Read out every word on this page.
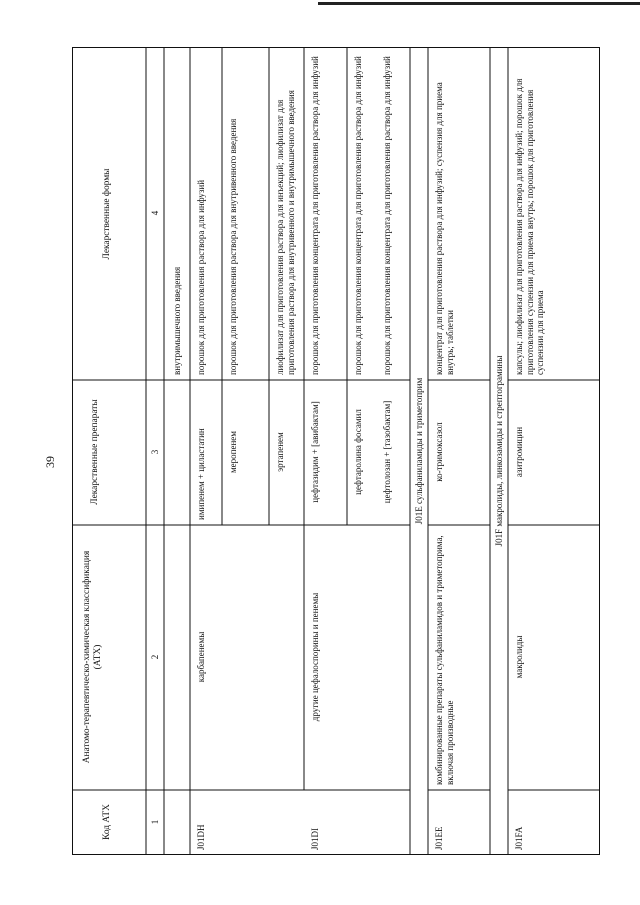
39
Код АТХ
Анатомо-терапевтическо-химическая классификация (АТХ)
Лекарственные препараты
Лекарственные формы
1
2
3
4
внутримышечного введения
J01DH
карбапенемы
имипенем + циластатин
порошок для приготовления раствора для инфузий
меропенем
порошок для приготовления раствора для внутривенного введения
эртапенем
лиофилизат для приготовления раствора для инъекций; лиофилизат для приготовления раствора для внутривенного и внутримышечного введения
J01DI
другие цефалоспорины и пенемы
цефтазидим + [авибактам]
порошок для приготовления концентрата для приготовления раствора для инфузий
цефтаролина фосамил
порошок для приготовления концентрата для приготовления раствора для инфузий
цефтолозан + [тазобактам]
порошок для приготовления концентрата для приготовления раствора для инфузий
J01E сульфаниламиды и триметоприм
J01EE
комбинированные препараты сульфаниламидов и триметоприма, включая производные
ко-тримоксазол
концентрат для приготовления раствора для инфузий; суспензия для приема внутрь; таблетки
J01F макролиды, линкозамиды и стрептограмины
J01FA
макролиды
азитромицин
капсулы; лиофилизат для приготовления раствора для инфузий; порошок для приготовления суспензии для приема внутрь; порошок для приготовления суспензии для приема
